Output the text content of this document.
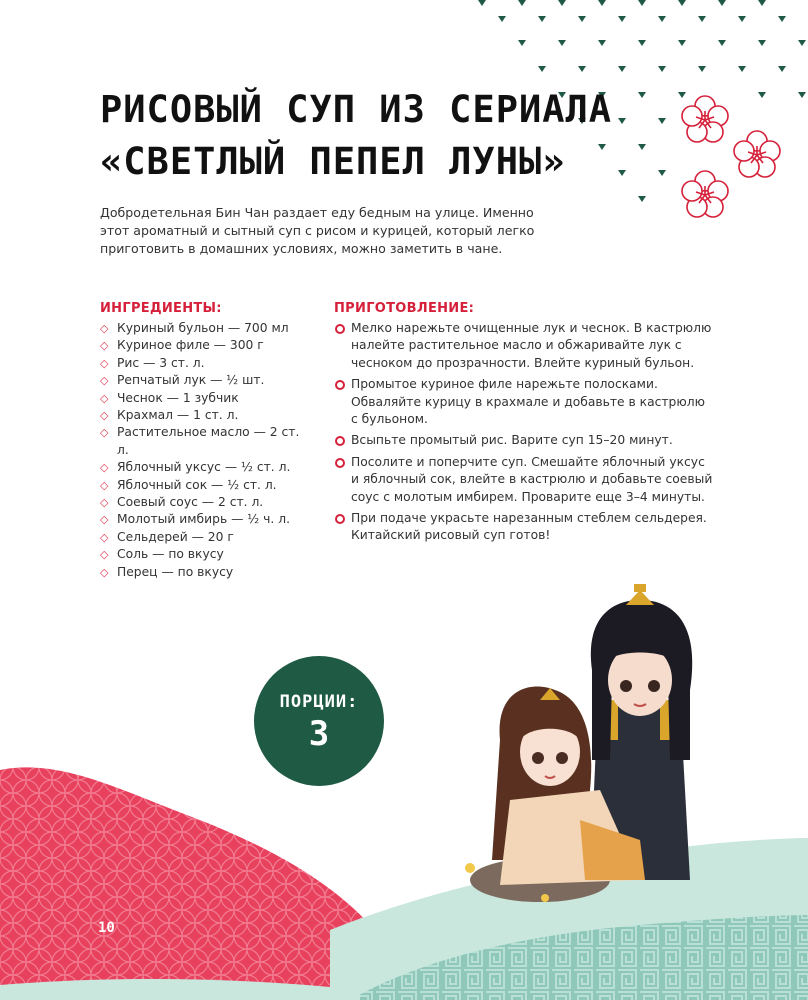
РИСОВЫЙ СУП ИЗ СЕРИАЛА
«СВЕТЛЫЙ ПЕПЕЛ ЛУНЫ»

Добродетельная Бин Чан раздает еду бедным на улице. Именно этот ароматный и сытный суп с рисом и курицей, который легко приготовить в домашних условиях, можно заметить в чане.

ИНГРЕДИЕНТЫ:
◇ Куриный бульон — 700 мл
◇ Куриное филе — 300 г
◇ Рис — 3 ст. л.
◇ Репчатый лук — ½ шт.
◇ Чеснок — 1 зубчик
◇ Крахмал — 1 ст. л.
◇ Растительное масло — 2 ст. л.
◇ Яблочный уксус — ½ ст. л.
◇ Яблочный сок — ½ ст. л.
◇ Соевый соус — 2 ст. л.
◇ Молотый имбирь — ½ ч. л.
◇ Сельдерей — 20 г
◇ Соль — по вкусу
◇ Перец — по вкусу
ПРИГОТОВЛЕНИЕ:
Мелко нарежьте очищенные лук и чеснок. В кастрюлю налейте растительное масло и обжаривайте лук с чесноком до прозрачности. Влейте куриный бульон.
Промытое куриное филе нарежьте полосками. Обваляйте курицу в крахмале и добавьте в кастрюлю с бульоном.
Всыпьте промытый рис. Варите суп 15–20 минут.
Посолите и поперчите суп. Смешайте яблочный уксус и яблочный сок, влейте в кастрюлю и добавьте соевый соус с молотым имбирем. Проварите еще 3–4 минуты.
При подаче украсьте нарезанным стеблем сельдерея. Китайский рисовый суп готов!
ПОРЦИИ:
3
10
